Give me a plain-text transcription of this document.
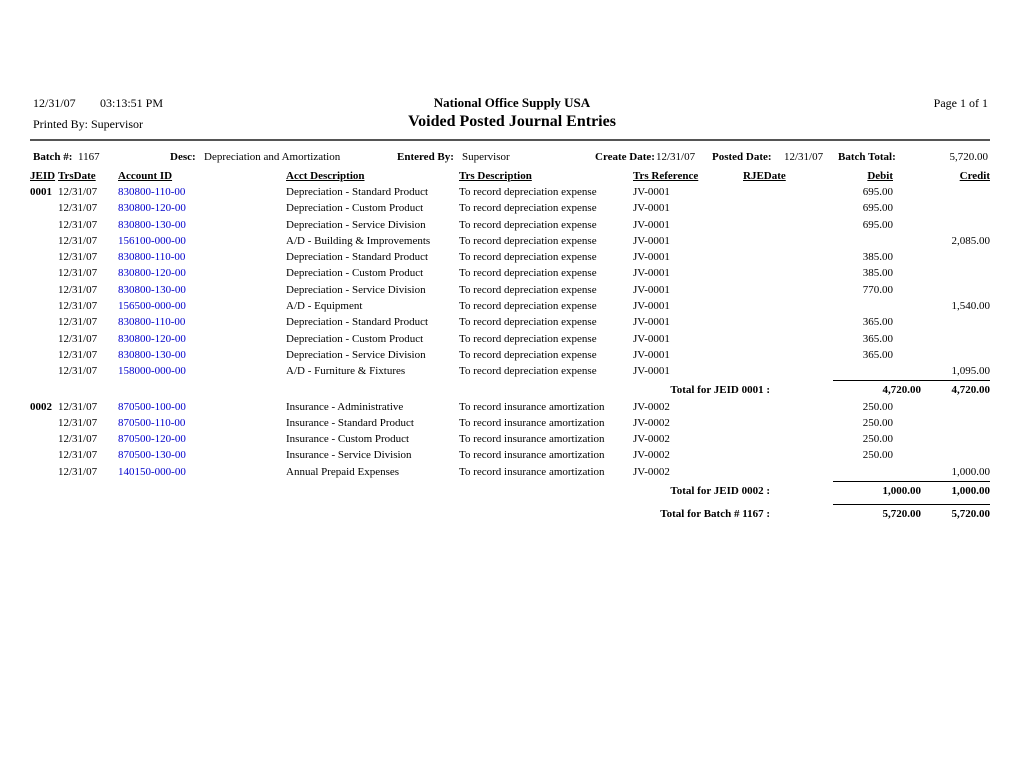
12/31/07 03:13:51 PM	National Office Supply USA
Voided Posted Journal Entries
Page 1 of 1
Printed By: Supervisor
Batch #: 1167	Desc: Depreciation and Amortization	Entered By: Supervisor	Create Date: 12/31/07 Posted Date: 12/31/07 Batch Total:	5,720.00
JEID	TrsDate	Account ID	Acct Description	Trs Description	Trs Reference	RJEDate	Debit	Credit
0001	12/31/07	830800-110-00	Depreciation - Standard Product	To record depreciation expense	JV-0001		695.00	
	12/31/07	830800-120-00	Depreciation - Custom Product	To record depreciation expense	JV-0001		695.00	
	12/31/07	830800-130-00	Depreciation - Service Division	To record depreciation expense	JV-0001		695.00	
	12/31/07	156100-000-00	A/D - Building & Improvements	To record depreciation expense	JV-0001			2,085.00
	12/31/07	830800-110-00	Depreciation - Standard Product	To record depreciation expense	JV-0001		385.00	
	12/31/07	830800-120-00	Depreciation - Custom Product	To record depreciation expense	JV-0001		385.00	
	12/31/07	830800-130-00	Depreciation - Service Division	To record depreciation expense	JV-0001		770.00	
	12/31/07	156500-000-00	A/D - Equipment	To record depreciation expense	JV-0001			1,540.00
	12/31/07	830800-110-00	Depreciation - Standard Product	To record depreciation expense	JV-0001		365.00	
	12/31/07	830800-120-00	Depreciation - Custom Product	To record depreciation expense	JV-0001		365.00	
	12/31/07	830800-130-00	Depreciation - Service Division	To record depreciation expense	JV-0001		365.00	
	12/31/07	158000-000-00	A/D - Furniture & Fixtures	To record depreciation expense	JV-0001			1,095.00
Total for JEID 0001 :							4,720.00	4,720.00
0002	12/31/07	870500-100-00	Insurance - Administrative	To record insurance amortization	JV-0002		250.00	
	12/31/07	870500-110-00	Insurance - Standard Product	To record insurance amortization	JV-0002		250.00	
	12/31/07	870500-120-00	Insurance - Custom Product	To record insurance amortization	JV-0002		250.00	
	12/31/07	870500-130-00	Insurance - Service Division	To record insurance amortization	JV-0002		250.00	
	12/31/07	140150-000-00	Annual Prepaid Expenses	To record insurance amortization	JV-0002			1,000.00
Total for JEID 0002 :							1,000.00	1,000.00
Total for Batch # 1167 :							5,720.00	5,720.00
